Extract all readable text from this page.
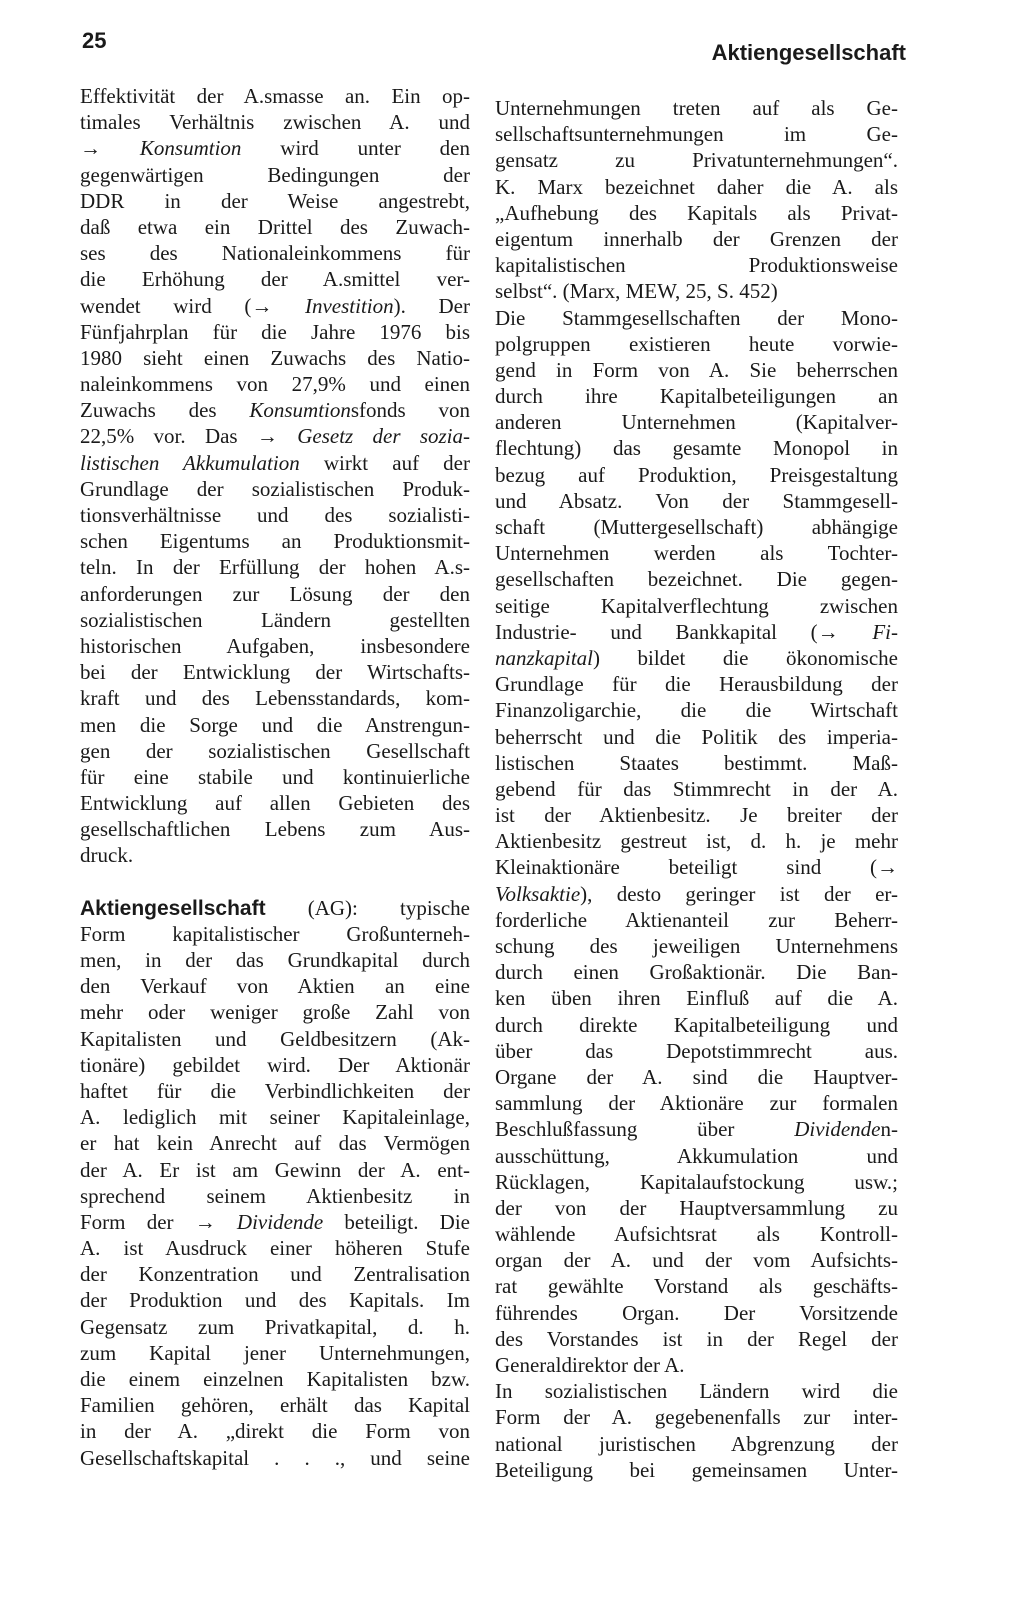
25	Aktiengesellschaft
Effektivität der A.smasse an. Ein op-
timales Verhältnis zwischen A. und
→ Konsumtion wird unter den
gegenwärtigen Bedingungen der
DDR in der Weise angestrebt,
daß etwa ein Drittel des Zuwach-
ses des Nationaleinkommens für
die Erhöhung der A.smittel ver-
wendet wird (→ Investition). Der
Fünfjahrplan für die Jahre 1976 bis
1980 sieht einen Zuwachs des Natio-
naleinkommens von 27,9% und einen
Zuwachs des Konsumtionsfonds von
22,5% vor. Das → Gesetz der sozia-
listischen Akkumulation wirkt auf der
Grundlage der sozialistischen Produk-
tionsverhältnisse und des sozialisti-
schen Eigentums an Produktionsmit-
teln. In der Erfüllung der hohen A.s-
anforderungen zur Lösung der den
sozialistischen Ländern gestellten
historischen Aufgaben, insbesondere
bei der Entwicklung der Wirtschafts-
kraft und des Lebensstandards, kom-
men die Sorge und die Anstrengun-
gen der sozialistischen Gesellschaft
für eine stabile und kontinuierliche
Entwicklung auf allen Gebieten des
gesellschaftlichen Lebens zum Aus-
druck.
Aktiengesellschaft (AG): typische
Form kapitalistischer Großunterneh-
men, in der das Grundkapital durch
den Verkauf von Aktien an eine
mehr oder weniger große Zahl von
Kapitalisten und Geldbesitzern (Ak-
tionäre) gebildet wird. Der Aktionär
haftet für die Verbindlichkeiten der
A. lediglich mit seiner Kapitaleinlage,
er hat kein Anrecht auf das Vermögen
der A. Er ist am Gewinn der A. ent-
sprechend seinem Aktienbesitz in
Form der → Dividende beteiligt. Die
A. ist Ausdruck einer höheren Stufe
der Konzentration und Zentralisation
der Produktion und des Kapitals. Im
Gegensatz zum Privatkapital, d. h.
zum Kapital jener Unternehmungen,
die einem einzelnen Kapitalisten bzw.
Familien gehören, erhält das Kapital
in der A. „direkt die Form von
Gesellschaftskapital . . ., und seine
Unternehmungen treten auf als Ge-
sellschaftsunternehmungen im Ge-
gensatz zu Privatunternehmungen“.
K. Marx bezeichnet daher die A. als
„Aufhebung des Kapitals als Privat-
eigentum innerhalb der Grenzen der
kapitalistischen Produktionsweise
selbst“. (Marx, MEW, 25, S. 452)
Die Stammgesellschaften der Mono-
polgruppen existieren heute vorwie-
gend in Form von A. Sie beherrschen
durch ihre Kapitalbeteiligungen an
anderen Unternehmen (Kapitalver-
flechtung) das gesamte Monopol in
bezug auf Produktion, Preisgestaltung
und Absatz. Von der Stammgesell-
schaft (Muttergesellschaft) abhängige
Unternehmen werden als Tochter-
gesellschaften bezeichnet. Die gegen-
seitige Kapitalverflechtung zwischen
Industrie- und Bankkapital (→ Fi-
nanzkapital) bildet die ökonomische
Grundlage für die Herausbildung der
Finanzoligarchie, die die Wirtschaft
beherrscht und die Politik des imperia-
listischen Staates bestimmt. Maß-
gebend für das Stimmrecht in der A.
ist der Aktienbesitz. Je breiter der
Aktienbesitz gestreut ist, d. h. je mehr
Kleinaktionäre beteiligt sind (→
Volksaktie), desto geringer ist der er-
forderliche Aktienanteil zur Beherr-
schung des jeweiligen Unternehmens
durch einen Großaktionär. Die Ban-
ken üben ihren Einfluß auf die A.
durch direkte Kapitalbeteiligung und
über das Depotstimmrecht aus.
Organe der A. sind die Hauptver-
sammlung der Aktionäre zur formalen
Beschlußfassung über Dividenden-
ausschüttung, Akkumulation und
Rücklagen, Kapitalaufstockung usw.;
der von der Hauptversammlung zu
wählende Aufsichtsrat als Kontroll-
organ der A. und der vom Aufsichts-
rat gewählte Vorstand als geschäfts-
führendes Organ. Der Vorsitzende
des Vorstandes ist in der Regel der
Generaldirektor der A.
In sozialistischen Ländern wird die
Form der A. gegebenenfalls zur inter-
national juristischen Abgrenzung der
Beteiligung bei gemeinsamen Unter-
